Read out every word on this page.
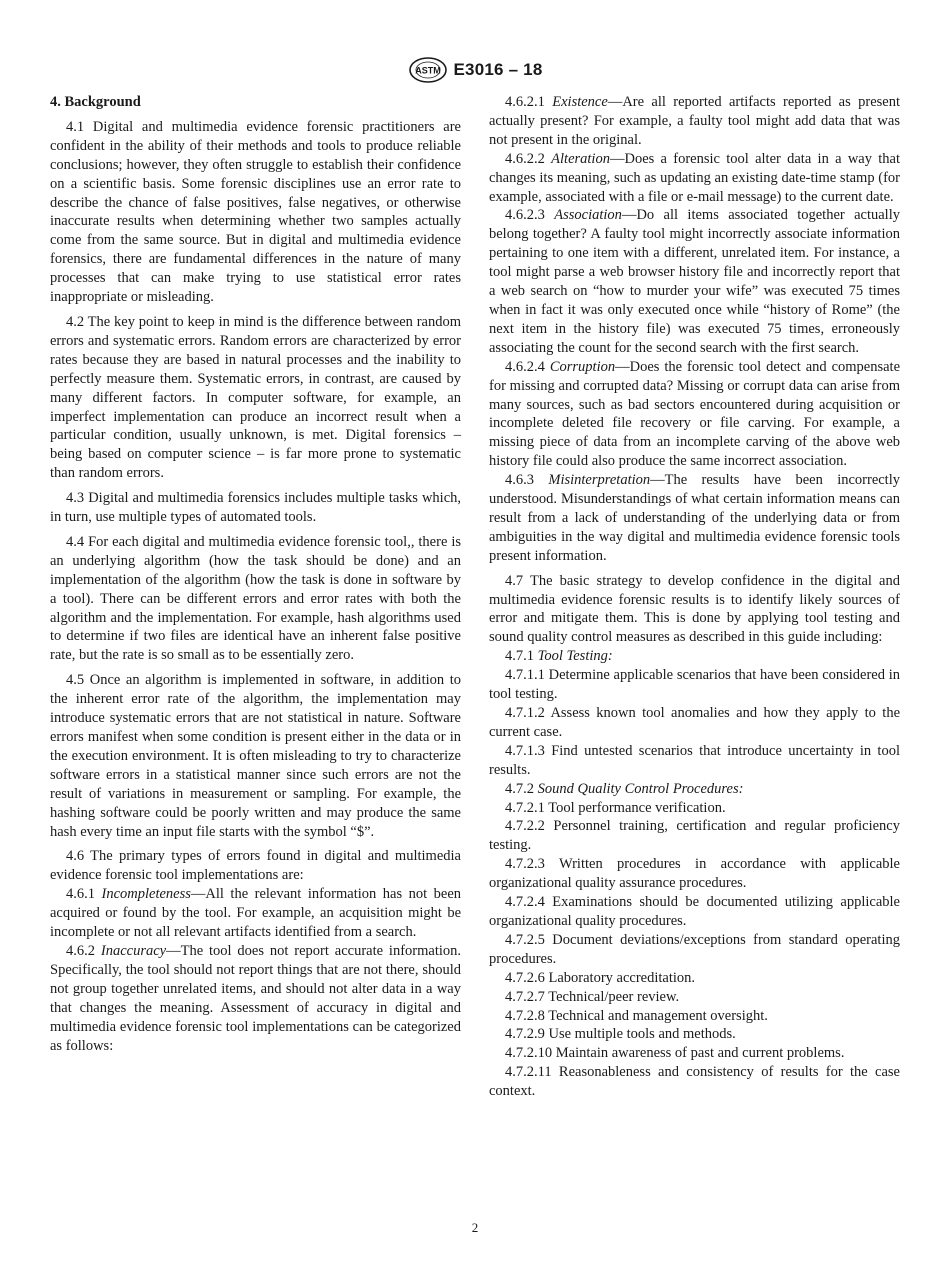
ASTM E3016 – 18
4. Background

4.1 Digital and multimedia evidence forensic practitioners are confident in the ability of their methods and tools to produce reliable conclusions; however, they often struggle to establish their confidence on a scientific basis. Some forensic disciplines use an error rate to describe the chance of false positives, false negatives, or otherwise inaccurate results when determining whether two samples actually come from the same source. But in digital and multimedia evidence forensics, there are fundamental differences in the nature of many processes that can make trying to use statistical error rates inappropriate or misleading.

4.2 The key point to keep in mind is the difference between random errors and systematic errors. Random errors are characterized by error rates because they are based in natural processes and the inability to perfectly measure them. Systematic errors, in contrast, are caused by many different factors. In computer software, for example, an imperfect implementation can produce an incorrect result when a particular condition, usually unknown, is met. Digital forensics – being based on computer science – is far more prone to systematic than random errors.

4.3 Digital and multimedia forensics includes multiple tasks which, in turn, use multiple types of automated tools.

4.4 For each digital and multimedia evidence forensic tool,, there is an underlying algorithm (how the task should be done) and an implementation of the algorithm (how the task is done in software by a tool). There can be different errors and error rates with both the algorithm and the implementation. For example, hash algorithms used to determine if two files are identical have an inherent false positive rate, but the rate is so small as to be essentially zero.

4.5 Once an algorithm is implemented in software, in addition to the inherent error rate of the algorithm, the implementation may introduce systematic errors that are not statistical in nature. Software errors manifest when some condition is present either in the data or in the execution environment. It is often misleading to try to characterize software errors in a statistical manner since such errors are not the result of variations in measurement or sampling. For example, the hashing software could be poorly written and may produce the same hash every time an input file starts with the symbol “$”.

4.6 The primary types of errors found in digital and multimedia evidence forensic tool implementations are:

4.6.1 Incompleteness—All the relevant information has not been acquired or found by the tool. For example, an acquisition might be incomplete or not all relevant artifacts identified from a search.

4.6.2 Inaccuracy—The tool does not report accurate information. Specifically, the tool should not report things that are not there, should not group together unrelated items, and should not alter data in a way that changes the meaning. Assessment of accuracy in digital and multimedia evidence forensic tool implementations can be categorized as follows:

4.6.2.1 Existence—Are all reported artifacts reported as present actually present? For example, a faulty tool might add data that was not present in the original.

4.6.2.2 Alteration—Does a forensic tool alter data in a way that changes its meaning, such as updating an existing date-time stamp (for example, associated with a file or e-mail message) to the current date.

4.6.2.3 Association—Do all items associated together actually belong together? A faulty tool might incorrectly associate information pertaining to one item with a different, unrelated item. For instance, a tool might parse a web browser history file and incorrectly report that a web search on “how to murder your wife” was executed 75 times when in fact it was only executed once while “history of Rome” (the next item in the history file) was executed 75 times, erroneously associating the count for the second search with the first search.

4.6.2.4 Corruption—Does the forensic tool detect and compensate for missing and corrupted data? Missing or corrupt data can arise from many sources, such as bad sectors encountered during acquisition or incomplete deleted file recovery or file carving. For example, a missing piece of data from an incomplete carving of the above web history file could also produce the same incorrect association.

4.6.3 Misinterpretation—The results have been incorrectly understood. Misunderstandings of what certain information means can result from a lack of understanding of the underlying data or from ambiguities in the way digital and multimedia evidence forensic tools present information.

4.7 The basic strategy to develop confidence in the digital and multimedia evidence forensic results is to identify likely sources of error and mitigate them. This is done by applying tool testing and sound quality control measures as described in this guide including:

4.7.1 Tool Testing:

4.7.1.1 Determine applicable scenarios that have been considered in tool testing.

4.7.1.2 Assess known tool anomalies and how they apply to the current case.

4.7.1.3 Find untested scenarios that introduce uncertainty in tool results.

4.7.2 Sound Quality Control Procedures:

4.7.2.1 Tool performance verification.

4.7.2.2 Personnel training, certification and regular proficiency testing.

4.7.2.3 Written procedures in accordance with applicable organizational quality assurance procedures.

4.7.2.4 Examinations should be documented utilizing applicable organizational quality procedures.

4.7.2.5 Document deviations/exceptions from standard operating procedures.

4.7.2.6 Laboratory accreditation.

4.7.2.7 Technical/peer review.

4.7.2.8 Technical and management oversight.

4.7.2.9 Use multiple tools and methods.

4.7.2.10 Maintain awareness of past and current problems.

4.7.2.11 Reasonableness and consistency of results for the case context.

2
